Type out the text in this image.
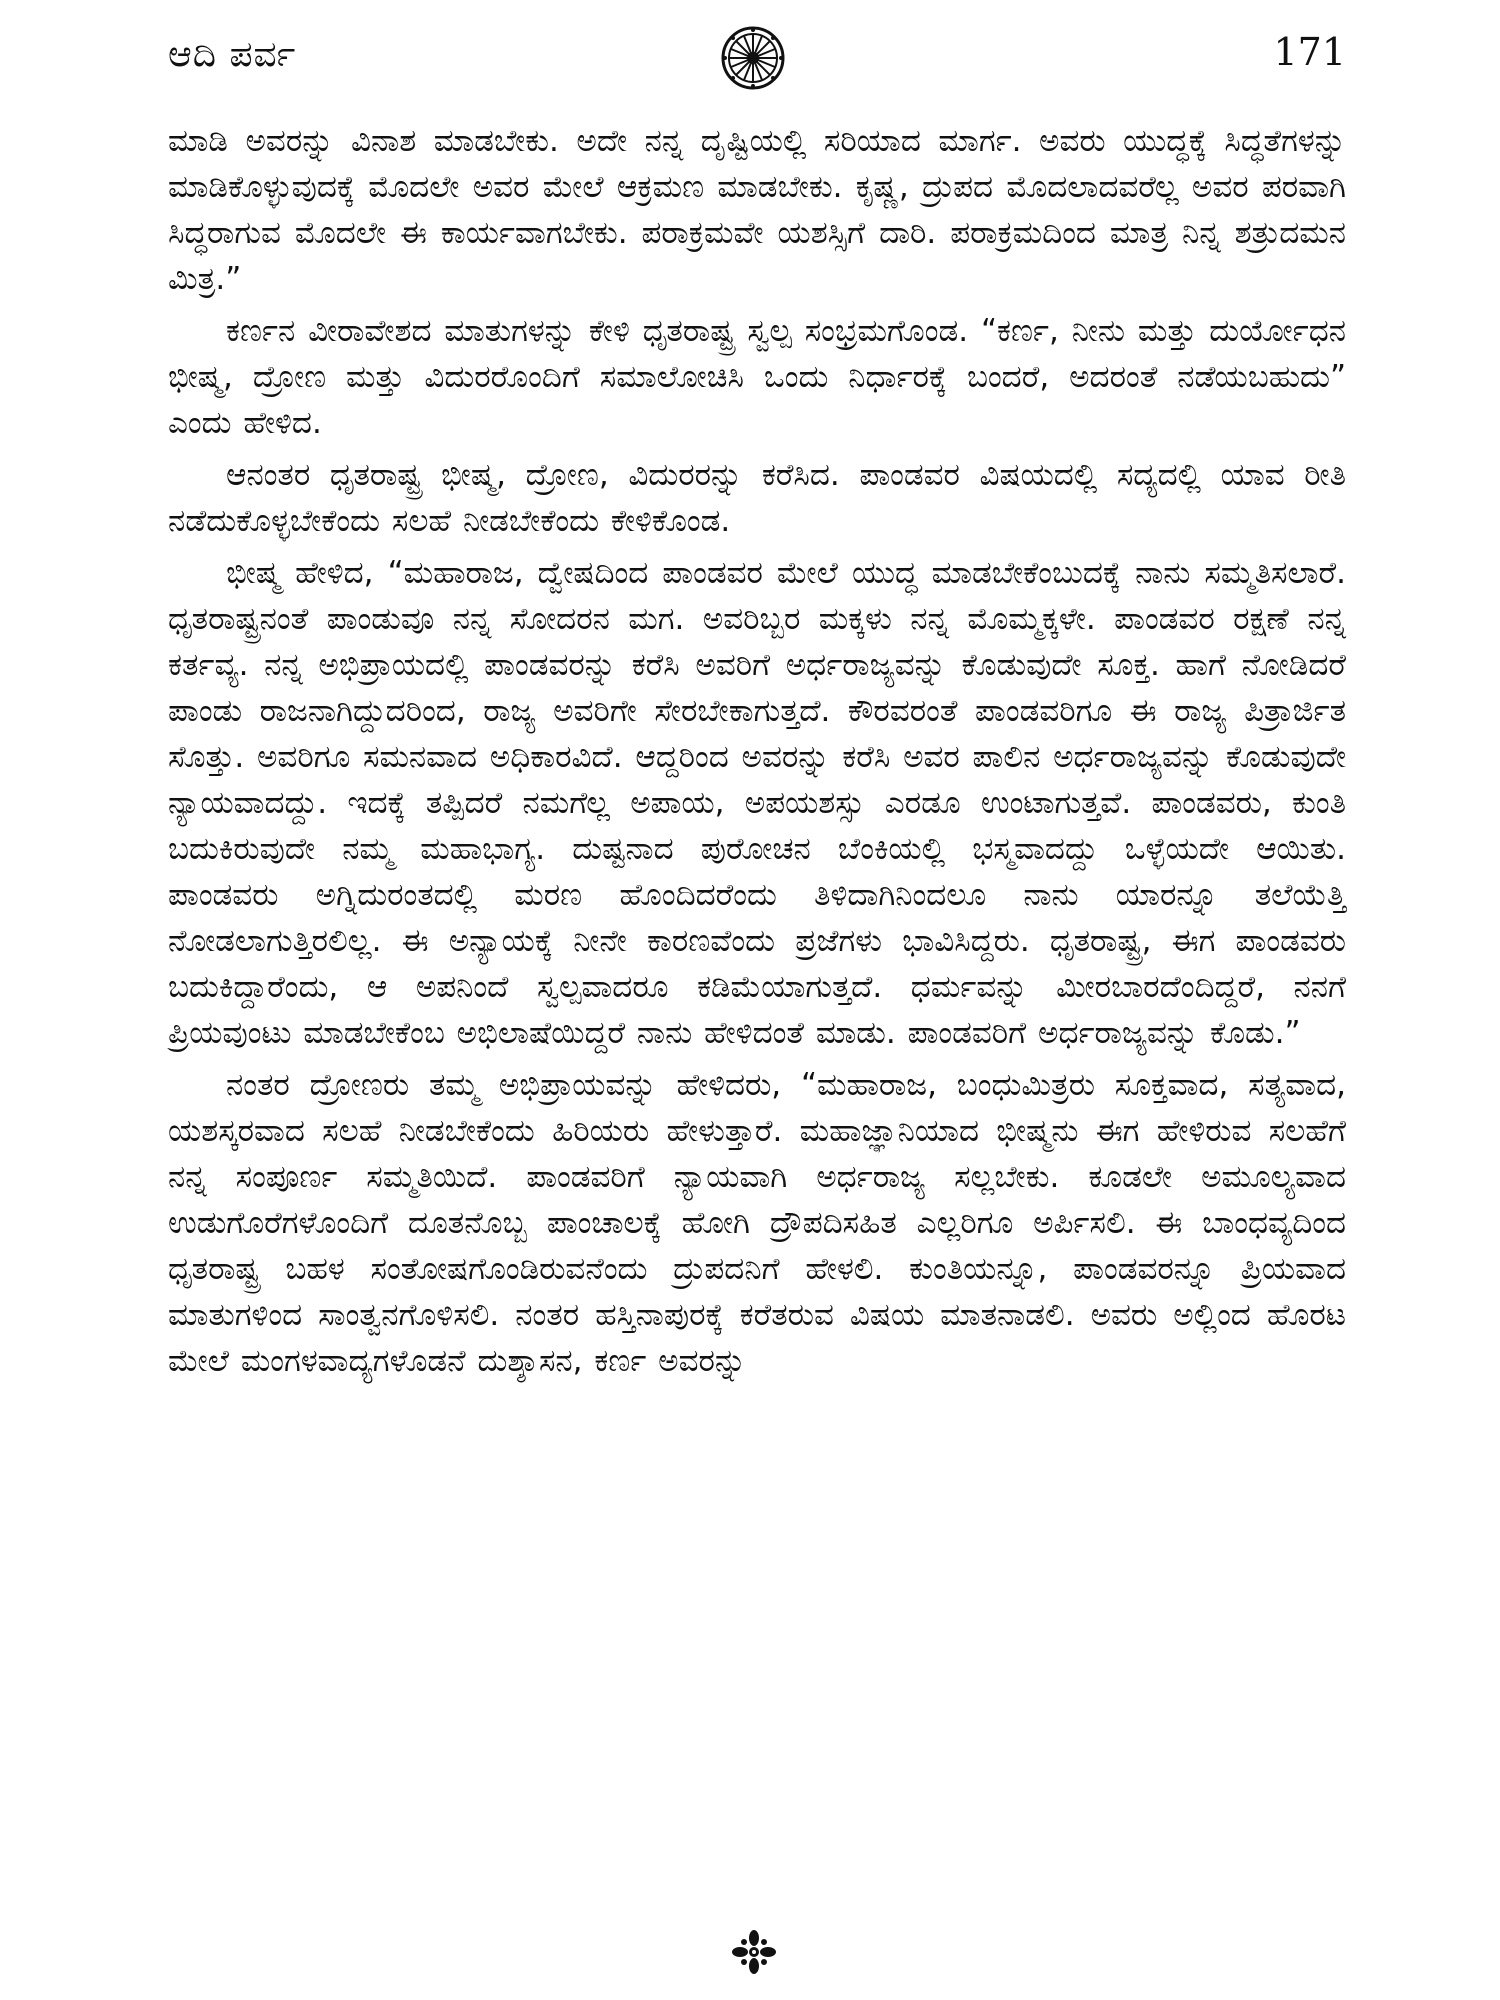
ಆದಿ ಪರ್ವ	171

ಮಾಡಿ ಅವರನ್ನು ವಿನಾಶ ಮಾಡಬೇಕು. ಅದೇ ನನ್ನ ದೃಷ್ಟಿಯಲ್ಲಿ ಸರಿಯಾದ ಮಾರ್ಗ. ಅವರು ಯುದ್ಧಕ್ಕೆ ಸಿದ್ಧತೆಗಳನ್ನು ಮಾಡಿಕೊಳ್ಳುವುದಕ್ಕೆ ಮೊದಲೇ ಅವರ ಮೇಲೆ ಆಕ್ರಮಣ ಮಾಡಬೇಕು. ಕೃಷ್ಣ, ದ್ರುಪದ ಮೊದಲಾದವರೆಲ್ಲ ಅವರ ಪರವಾಗಿ ಸಿದ್ಧರಾಗುವ ಮೊದಲೇ ಈ ಕಾರ್ಯವಾಗಬೇಕು. ಪರಾಕ್ರಮವೇ ಯಶಸ್ಸಿಗೆ ದಾರಿ. ಪರಾಕ್ರಮದಿಂದ ಮಾತ್ರ ನಿನ್ನ ಶತ್ರುದಮನ ಮಿತ್ರ.”

ಕರ್ಣನ ವೀರಾವೇಶದ ಮಾತುಗಳನ್ನು ಕೇಳಿ ಧೃತರಾಷ್ಟ್ರ ಸ್ವಲ್ಪ ಸಂಭ್ರಮಗೊಂಡ. “ಕರ್ಣ, ನೀನು ಮತ್ತು ದುರ್ಯೋಧನ ಭೀಷ್ಮ, ದ್ರೋಣ ಮತ್ತು ವಿದುರರೊಂದಿಗೆ ಸಮಾಲೋಚಿಸಿ ಒಂದು ನಿರ್ಧಾರಕ್ಕೆ ಬಂದರೆ, ಅದರಂತೆ ನಡೆಯಬಹುದು” ಎಂದು ಹೇಳಿದ.

ಆನಂತರ ಧೃತರಾಷ್ಟ್ರ ಭೀಷ್ಮ, ದ್ರೋಣ, ವಿದುರರನ್ನು ಕರೆಸಿದ. ಪಾಂಡವರ ವಿಷಯದಲ್ಲಿ ಸದ್ಯದಲ್ಲಿ ಯಾವ ರೀತಿ ನಡೆದುಕೊಳ್ಳಬೇಕೆಂದು ಸಲಹೆ ನೀಡಬೇಕೆಂದು ಕೇಳಿಕೊಂಡ.

ಭೀಷ್ಮ ಹೇಳಿದ, “ಮಹಾರಾಜ, ದ್ವೇಷದಿಂದ ಪಾಂಡವರ ಮೇಲೆ ಯುದ್ಧ ಮಾಡಬೇಕೆಂಬುದಕ್ಕೆ ನಾನು ಸಮ್ಮತಿಸಲಾರೆ. ಧೃತರಾಷ್ಟ್ರನಂತೆ ಪಾಂಡುವೂ ನನ್ನ ಸೋದರನ ಮಗ. ಅವರಿಬ್ಬರ ಮಕ್ಕಳು ನನ್ನ ಮೊಮ್ಮಕ್ಕಳೇ. ಪಾಂಡವರ ರಕ್ಷಣೆ ನನ್ನ ಕರ್ತವ್ಯ. ನನ್ನ ಅಭಿಪ್ರಾಯದಲ್ಲಿ ಪಾಂಡವರನ್ನು ಕರೆಸಿ ಅವರಿಗೆ ಅರ್ಧರಾಜ್ಯವನ್ನು ಕೊಡುವುದೇ ಸೂಕ್ತ. ಹಾಗೆ ನೋಡಿದರೆ ಪಾಂಡು ರಾಜನಾಗಿದ್ದುದರಿಂದ, ರಾಜ್ಯ ಅವರಿಗೇ ಸೇರಬೇಕಾಗುತ್ತದೆ. ಕೌರವರಂತೆ ಪಾಂಡವರಿಗೂ ಈ ರಾಜ್ಯ ಪಿತ್ರಾರ್ಜಿತ ಸೊತ್ತು. ಅವರಿಗೂ ಸಮನವಾದ ಅಧಿಕಾರವಿದೆ. ಆದ್ದರಿಂದ ಅವರನ್ನು ಕರೆಸಿ ಅವರ ಪಾಲಿನ ಅರ್ಧರಾಜ್ಯವನ್ನು ಕೊಡುವುದೇ ನ್ಯಾಯವಾದದ್ದು. ಇದಕ್ಕೆ ತಪ್ಪಿದರೆ ನಮಗೆಲ್ಲ ಅಪಾಯ, ಅಪಯಶಸ್ಸು ಎರಡೂ ಉಂಟಾಗುತ್ತವೆ. ಪಾಂಡವರು, ಕುಂತಿ ಬದುಕಿರುವುದೇ ನಮ್ಮ ಮಹಾಭಾಗ್ಯ. ದುಷ್ಟನಾದ ಪುರೋಚನ ಬೆಂಕಿಯಲ್ಲಿ ಭಸ್ಮವಾದದ್ದು ಒಳ್ಳೆಯದೇ ಆಯಿತು. ಪಾಂಡವರು ಅಗ್ನಿದುರಂತದಲ್ಲಿ ಮರಣ ಹೊಂದಿದರೆಂದು ತಿಳಿದಾಗಿನಿಂದಲೂ ನಾನು ಯಾರನ್ನೂ ತಲೆಯೆತ್ತಿ ನೋಡಲಾಗುತ್ತಿರಲಿಲ್ಲ. ಈ ಅನ್ಯಾಯಕ್ಕೆ ನೀನೇ ಕಾರಣವೆಂದು ಪ್ರಜೆಗಳು ಭಾವಿಸಿದ್ದರು. ಧೃತರಾಷ್ಟ್ರ, ಈಗ ಪಾಂಡವರು ಬದುಕಿದ್ದಾರೆಂದು, ಆ ಅಪನಿಂದೆ ಸ್ವಲ್ಪವಾದರೂ ಕಡಿಮೆಯಾಗುತ್ತದೆ. ಧರ್ಮವನ್ನು ಮೀರಬಾರದೆಂದಿದ್ದರೆ, ನನಗೆ ಪ್ರಿಯವುಂಟು ಮಾಡಬೇಕೆಂಬ ಅಭಿಲಾಷೆಯಿದ್ದರೆ ನಾನು ಹೇಳಿದಂತೆ ಮಾಡು. ಪಾಂಡವರಿಗೆ ಅರ್ಧರಾಜ್ಯವನ್ನು ಕೊಡು.”

ನಂತರ ದ್ರೋಣರು ತಮ್ಮ ಅಭಿಪ್ರಾಯವನ್ನು ಹೇಳಿದರು, “ಮಹಾರಾಜ, ಬಂಧುಮಿತ್ರರು ಸೂಕ್ತವಾದ, ಸತ್ಯವಾದ, ಯಶಸ್ಕರವಾದ ಸಲಹೆ ನೀಡಬೇಕೆಂದು ಹಿರಿಯರು ಹೇಳುತ್ತಾರೆ. ಮಹಾಜ್ಞಾನಿಯಾದ ಭೀಷ್ಮನು ಈಗ ಹೇಳಿರುವ ಸಲಹೆಗೆ ನನ್ನ ಸಂಪೂರ್ಣ ಸಮ್ಮತಿಯಿದೆ. ಪಾಂಡವರಿಗೆ ನ್ಯಾಯವಾಗಿ ಅರ್ಧರಾಜ್ಯ ಸಲ್ಲಬೇಕು. ಕೂಡಲೇ ಅಮೂಲ್ಯವಾದ ಉಡುಗೊರೆಗಳೊಂದಿಗೆ ದೂತನೊಬ್ಬ ಪಾಂಚಾಲಕ್ಕೆ ಹೋಗಿ ದ್ರೌಪದಿಸಹಿತ ಎಲ್ಲರಿಗೂ ಅರ್ಪಿಸಲಿ. ಈ ಬಾಂಧವ್ಯದಿಂದ ಧೃತರಾಷ್ಟ್ರ ಬಹಳ ಸಂತೋಷಗೊಂಡಿರುವನೆಂದು ದ್ರುಪದನಿಗೆ ಹೇಳಲಿ. ಕುಂತಿಯನ್ನೂ, ಪಾಂಡವರನ್ನೂ ಪ್ರಿಯವಾದ ಮಾತುಗಳಿಂದ ಸಾಂತ್ವನಗೊಳಿಸಲಿ. ನಂತರ ಹಸ್ತಿನಾಪುರಕ್ಕೆ ಕರೆತರುವ ವಿಷಯ ಮಾತನಾಡಲಿ. ಅವರು ಅಲ್ಲಿಂದ ಹೊರಟ ಮೇಲೆ ಮಂಗಳವಾದ್ಯಗಳೊಡನೆ ದುಶ್ಶಾಸನ, ಕರ್ಣ ಅವರನ್ನು
